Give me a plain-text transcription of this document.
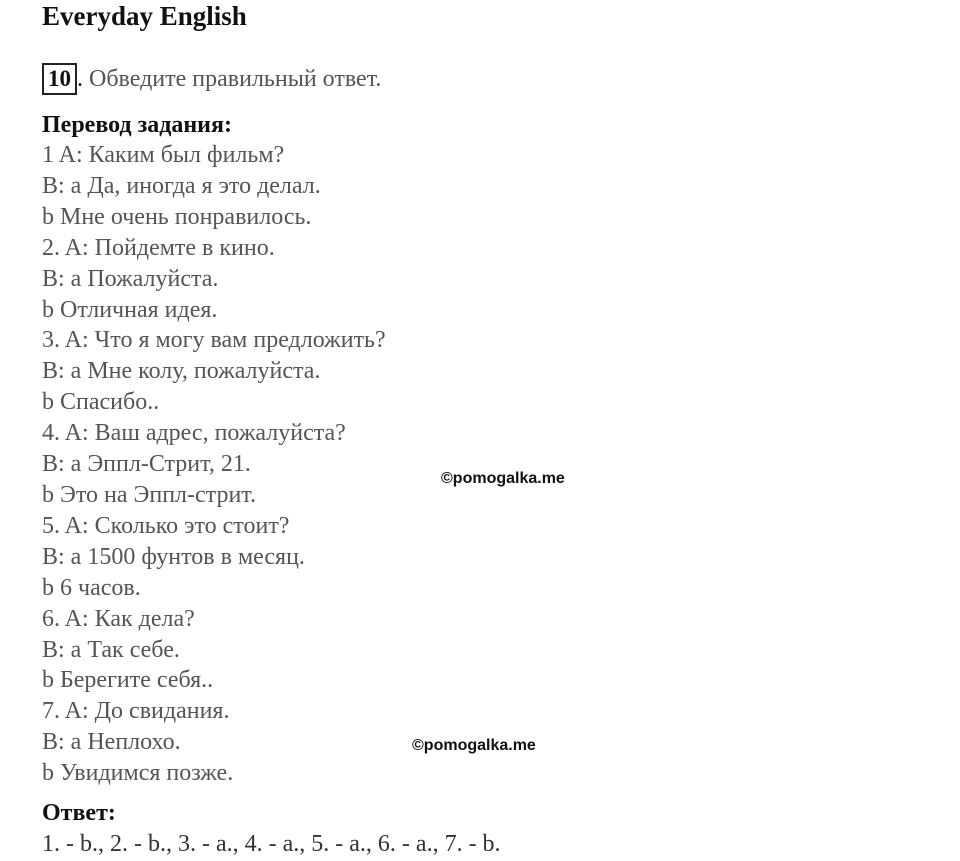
Everyday English
10 . Обведите правильный ответ.
Перевод задания:
1 A: Каким был фильм?
B: a Да, иногда я это делал.
b Мне очень понравилось.
2. A: Пойдемте в кино.
B: a Пожалуйста.
b Отличная идея.
3. A: Что я могу вам предложить?
B: a Мне колу, пожалуйста.
b Спасибо..
4. A: Ваш адрес, пожалуйста?
B: a Эппл-Стрит, 21.
b Это на Эппл-стрит.
5. A: Сколько это стоит?
B: a 1500 фунтов в месяц.
b 6 часов.
6. A: Как дела?
B: a Так себе.
b Берегите себя..
7. A: До свидания.
B: a Неплохо.
b Увидимся позже.
Ответ:
1. - b., 2. - b., 3. - a., 4. - a., 5. - a., 6. - a., 7. - b.
©pomogalka.me
©pomogalka.me
